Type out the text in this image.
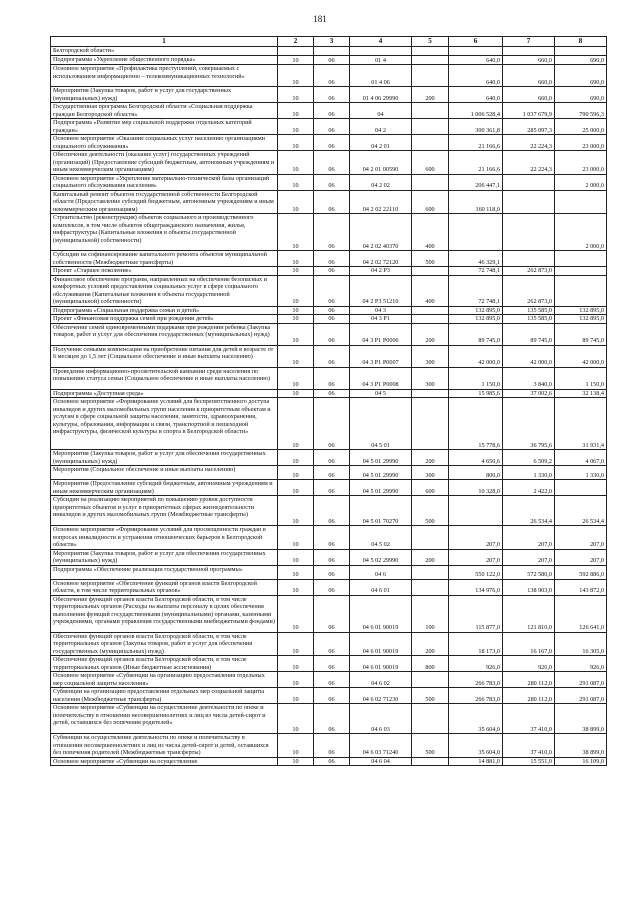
181
1	2	3	4	5	6	7	8
Белгородской области»							
Подпрограмма «Укрепление общественного порядка»	10	06	01 4		640,0	660,0	690,0
Основное мероприятие «Профилактика преступлений, совершаемых с использованием информационно – телекоммуникационных технологий»	10	06	01 4 06		640,0	660,0	690,0
Мероприятия (Закупка товаров, работ и услуг для государственных (муниципальных) нужд)	10	06	01 4 06 29990	200	640,0	660,0	690,0
Государственная программа Белгородской области «Социальная поддержка граждан Белгородской области»	10	06	04		1 006 528,4	1 037 679,9	790 596,3
Подпрограмма «Развитие мер социальной поддержки отдельных категорий граждан»	10	06	04 2		300 361,8	285 097,3	25 000,0
Основное мероприятие «Оказание социальных услуг населению организациями социального обслуживания»	10	06	04 2 01		21 166,6	22 224,3	23 000,0
Обеспечение деятельности (оказание услуг) государственных учреждений (организаций) (Предоставление субсидий бюджетным, автономным учреждениям и иным некоммерческим организациям)	10	06	04 2 01 00590	600	21 166,6	22 224,3	23 000,0
Основное мероприятие «Укрепление материально-технической базы организаций социального обслуживания населения»	10	06	04 2 02		206 447,1		2 000,0
Капитальный ремонт объектов государственной собственности Белгородской области (Предоставление субсидий бюджетным, автономным учреждениям и иным некоммерческим организациям)	10	06	04 2 02 22110	600	160 118,0		
Строительство (реконструкция) объектов социального и производственного комплексов, в том числе объектов общегражданского назначения, жилья, инфраструктуры (Капитальные вложения в объекты государственной (муниципальной) собственности)	10	06	04 2 02 40370	400			2 000,0
Субсидии на софинансирование капитального ремонта объектов муниципальной собственности (Межбюджетные трансферты)	10	06	04 2 02 72120	500	46 329,1		
Проект «Старшее поколение»	10	06	04 2 P3		72 748,1	262 873,0	
Финансовое обеспечение программ, направленных на обеспечение безопасных и комфортных условий предоставления социальных услуг в сфере социального обслуживания (Капитальные вложения в объекты государственной (муниципальной) собственности)	10	06	04 2 P3 51210	400	72 748,1	262 873,0	
Подпрограмма «Социальная поддержка семьи и детей»	10	06	04 3		132 895,0	135 585,0	132 895,0
Проект «Финансовая поддержка семей при рождении детей»	10	06	04 3 P1		132 895,0	135 585,0	132 895,0
Обеспечение семей единовременными подарками при рождении ребенка (Закупка товаров, работ и услуг для обеспечения государственных (муниципальных) нужд)	10	06	04 3 P1 P0006	200	89 745,0	89 745,0	89 745,0
Получение семьями компенсации на приобретение питания для детей в возрасте от 6 месяцев до 1,5 лет (Социальное обеспечение и иные выплаты населению)	10	06	04 3 P1 P0007	300	42 000,0	42 000,0	42 000,0
Проведение информационно-просветительской кампании среди населения по повышению статуса семьи (Социальное обеспечение и иные выплаты населению)	10	06	04 3 P1 P0008	300	1 150,0	3 840,0	1 150,0
Подпрограмма «Доступная среда»	10	06	04 5		15 985,6	37 002,6	32 138,4
Основное мероприятие «Формирование условий для беспрепятственного доступа инвалидов и других маломобильных групп населения к приоритетным объектам и услугам в сфере социальной защиты населения, занятости, здравоохранения, культуры, образования, информации и связи, транспортной и пешеходной инфраструктуры, физической культуры и спорта в Белгородской области»	10	06	04 5 01		15 778,6	36 795,6	31 931,4
Мероприятия (Закупка товаров, работ и услуг для обеспечения государственных (муниципальных) нужд)	10	06	04 5 01 29990	200	4 650,6	6 509,2	4 067,0
Мероприятия (Социальное обеспечение и иные выплаты населению)	10	06	04 5 01 29990	300	800,0	1 330,0	1 330,0
Мероприятия (Предоставление субсидий бюджетным, автономным учреждениям и иным некоммерческим организациям)	10	06	04 5 01 29990	600	10 328,0	2 422,0	
Субсидии на реализацию мероприятий по повышению уровня доступности приоритетных объектов и услуг в приоритетных сферах жизнедеятельности инвалидов и других маломобильных групп (Межбюджетные трансферты)	10	06	04 5 01 70270	500		26 534,4	26 534,4
Основное мероприятие «Формирование условий для просвещенности граждан в вопросах инвалидности и устранения отношенческих барьеров в Белгородской области»	10	06	04 5 02		207,0	207,0	207,0
Мероприятия (Закупка товаров, работ и услуг для обеспечения государственных (муниципальных) нужд)	10	06	04 5 02 29990	200	207,0	207,0	207,0
Подпрограмма «Обеспечение реализации государственной программы»	10	06	04 6		550 122,0	572 580,0	592 886,0
Основное мероприятие «Обеспечение функций органов власти Белгородской области, в том числе территориальных органов»	10	06	04 6 01		134 976,0	138 903,0	143 872,0
Обеспечение функций органов власти Белгородской области, в том числе территориальных органов (Расходы на выплаты персоналу в целях обеспечения выполнения функций государственными (муниципальными) органами, казенными учреждениями, органами управления государственными внебюджетными фондами)	10	06	04 6 01 90019	100	115 877,0	121 810,0	126 641,0
Обеспечение функций органов власти Белгородской области, в том числе территориальных органов (Закупка товаров, работ и услуг для обеспечения государственных (муниципальных) нужд)	10	06	04 6 01 90019	200	18 173,0	16 167,0	16 305,0
Обеспечение функций органов власти Белгородской области, в том числе территориальных органов (Иные бюджетные ассигнования)	10	06	04 6 01 90019	800	926,0	926,0	926,0
Основное мероприятие «Субвенции на организацию предоставления отдельных мер социальной защиты населения»	10	06	04 6 02		266 783,0	280 112,0	291 087,0
Субвенции на организацию предоставления отдельных мер социальной защиты населения (Межбюджетные трансферты)	10	06	04 6 02 71230	500	266 783,0	280 112,0	291 087,0
Основное мероприятие «Субвенции на осуществление деятельности по опеке и попечительству в отношении несовершеннолетних и лиц из числа детей-сирот и детей, оставшихся без попечения родителей»	10	06	04 6 03		35 604,0	37 410,0	38 899,0
Субвенции на осуществление деятельности по опеке и попечительству в отношении несовершеннолетних и лиц из числа детей-сирот и детей, оставшихся без попечения родителей (Межбюджетные трансферты)	10	06	04 6 03 71240	500	35 604,0	37 410,0	38 899,0
Основное мероприятие «Субвенции на осуществление	10	06	04 6 04		14 881,0	15 551,0	16 109,0
